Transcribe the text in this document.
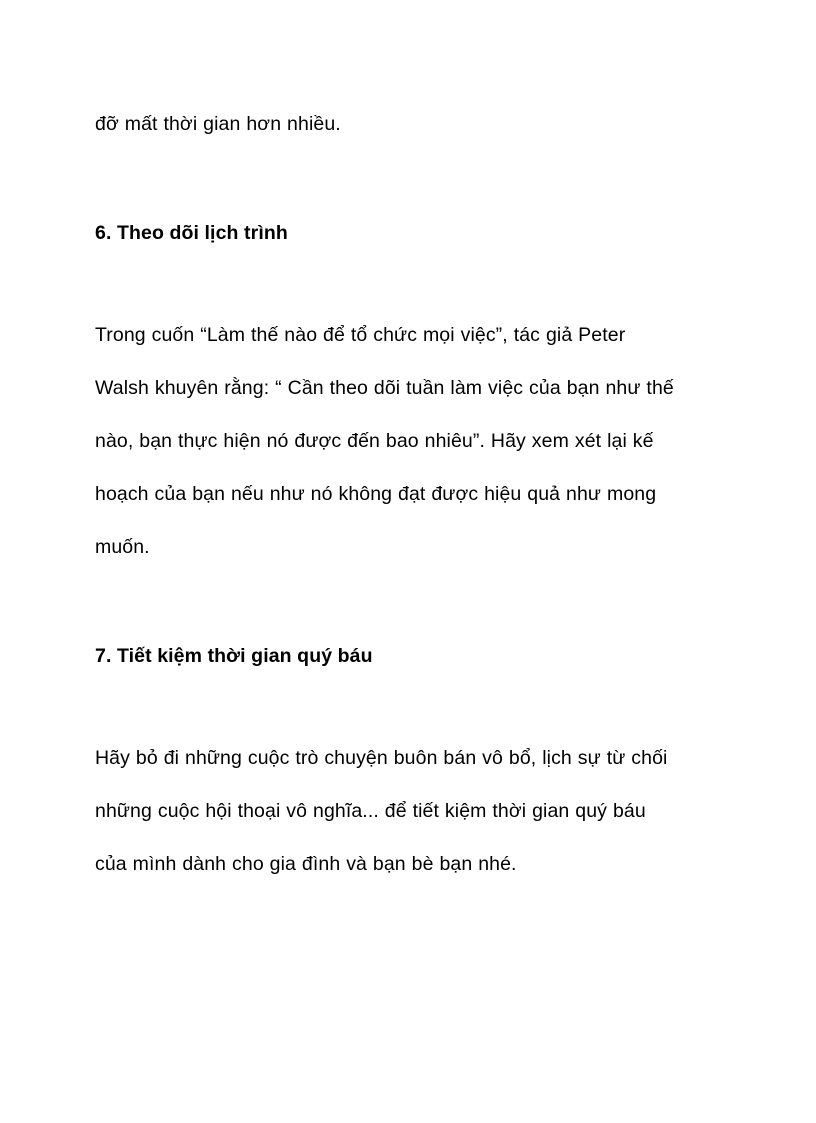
đỡ mất thời gian hơn nhiều.

6. Theo dõi lịch trình

Trong cuốn “Làm thế nào để tổ chức mọi việc”, tác giả Peter
Walsh khuyên rằng: “ Cần theo dõi tuần làm việc của bạn như thế
nào, bạn thực hiện nó được đến bao nhiêu”. Hãy xem xét lại kế
hoạch của bạn nếu như nó không đạt được hiệu quả như mong
muốn.

7. Tiết kiệm thời gian quý báu

Hãy bỏ đi những cuộc trò chuyện buôn bán vô bổ, lịch sự từ chối
những cuộc hội thoại vô nghĩa... để tiết kiệm thời gian quý báu
của mình dành cho gia đình và bạn bè bạn nhé.
